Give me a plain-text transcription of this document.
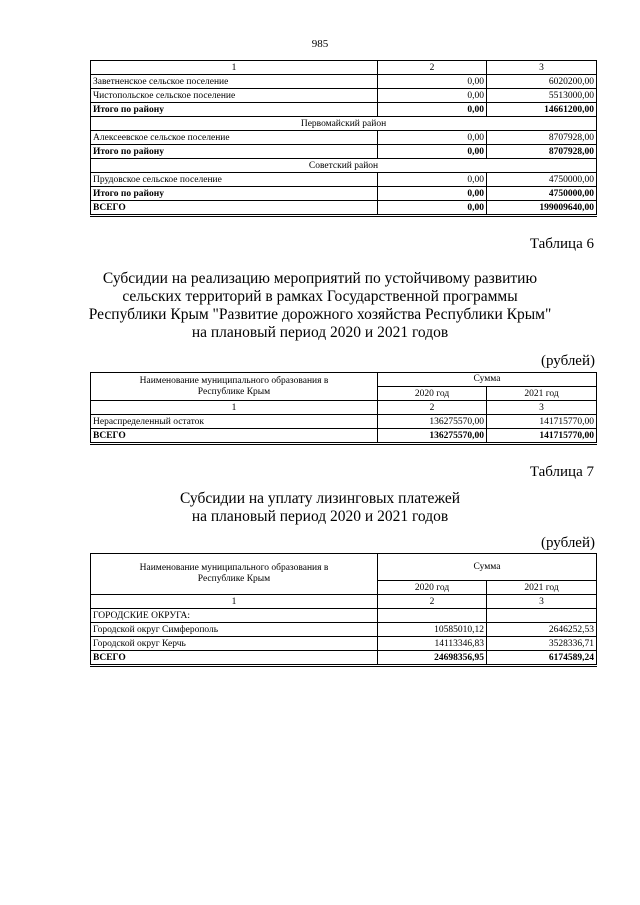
985
1	2	3
Заветненское сельское поселение	0,00	6020200,00
Чистопольское сельское поселение	0,00	5513000,00
Итого по району	0,00	14661200,00
Первомайский район		
Алексеевское сельское поселение	0,00	8707928,00
Итого по району	0,00	8707928,00
Советский район		
Прудовское сельское поселение	0,00	4750000,00
Итого по району	0,00	4750000,00
ВСЕГО	0,00	199009640,00
Таблица 6
Субсидии на реализацию мероприятий по устойчивому развитию
сельских территорий в рамках Государственной программы
Республики Крым "Развитие дорожного хозяйства Республики Крым"
на плановый период 2020 и 2021 годов
(рублей)
Наименование муниципального образования в Республике Крым	Сумма	
	2020 год	2021 год
1	2	3
Нераспределенный остаток	136275570,00	141715770,00
ВСЕГО	136275570,00	141715770,00
Таблица 7
Субсидии на уплату лизинговых платежей
на плановый период 2020 и 2021 годов
(рублей)
Наименование муниципального образования в Республике Крым	Сумма	
	2020 год	2021 год
1	2	3
ГОРОДСКИЕ ОКРУГА:		
Городской округ Симферополь	10585010,12	2646252,53
Городской округ Керчь	14113346,83	3528336,71
ВСЕГО	24698356,95	6174589,24
